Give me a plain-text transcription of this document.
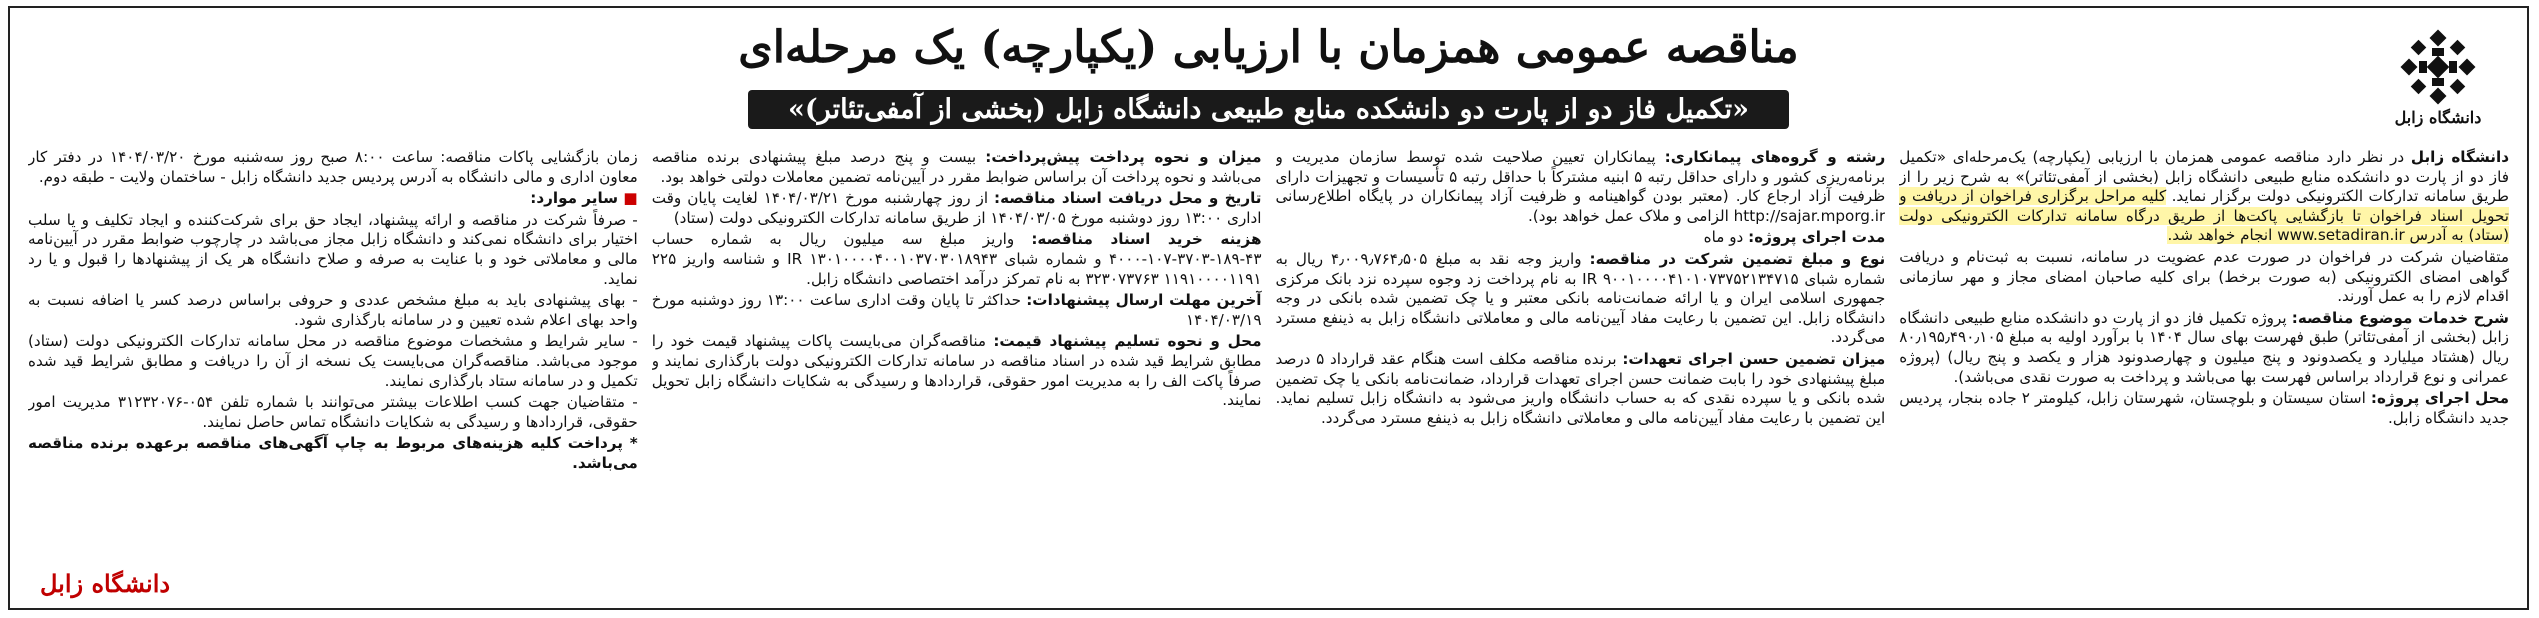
دانشگاه زابل
مناقصه عمومی همزمان با ارزیابی (یکپارچه) یک مرحله‌ای
«تکمیل فاز دو از پارت دو دانشکده منابع طبیعی دانشگاه زابل (بخشی از آمفی‌تئاتر)»

دانشگاه زابل در نظر دارد مناقصه عمومی همزمان با ارزیابی (یکپارچه) یک‌مرحله‌ای «تکمیل فاز دو از پارت دو دانشکده منابع طبیعی دانشگاه زابل (بخشی از آمفی‌تئاتر)» به شرح زیر را از طریق سامانه تدارکات الکترونیکی دولت برگزار نماید. کلیه مراحل برگزاری فراخوان از دریافت و تحویل اسناد فراخوان تا بازگشایی پاکت‌ها از طریق درگاه سامانه تدارکات الکترونیکی دولت (ستاد) به آدرس www.setadiran.ir انجام خواهد شد.

متقاضیان شرکت در فراخوان در صورت عدم عضویت در سامانه، نسبت به ثبت‌نام و دریافت گواهی امضای الکترونیکی (به صورت برخط) برای کلیه صاحبان امضای مجاز و مهر سازمانی اقدام لازم را به عمل آورند.

شرح خدمات موضوع مناقصه: پروژه تکمیل فاز دو از پارت دو دانشکده منابع طبیعی دانشگاه زابل (بخشی از آمفی‌تئاتر) طبق فهرست بهای سال ۱۴۰۴ با برآورد اولیه به مبلغ ۸۰٫۱۹۵٫۴۹۰٫۱۰۵ ریال (هشتاد میلیارد و یکصدونود و پنج میلیون و چهارصدونود هزار و یکصد و پنج ریال) (پروژه عمرانی و نوع قرارداد براساس فهرست بها می‌باشد و پرداخت به صورت نقدی می‌باشد).

محل اجرای پروژه: استان سیستان و بلوچستان، شهرستان زابل، کیلومتر ۲ جاده بنجار، پردیس جدید دانشگاه زابل.

رشته و گروه‌های پیمانکاری: پیمانکاران تعیین صلاحیت شده توسط سازمان مدیریت و برنامه‌ریزی کشور و دارای حداقل رتبه ۵ ابنیه مشترکاً با حداقل رتبه ۵ تأسیسات و تجهیزات دارای ظرفیت آزاد ارجاع کار. (معتبر بودن گواهینامه و ظرفیت آزاد پیمانکاران در پایگاه اطلاع‌رسانی http://sajar.mporg.ir الزامی و ملاک عمل خواهد بود).

مدت اجرای پروژه: دو ماه

نوع و مبلغ تضمین شرکت در مناقصه: واریز وجه نقد به مبلغ ۴٫۰۰۹٫۷۶۴٫۵۰۵ ریال به شماره شبای IR ۹۰۰۱۰۰۰۰۴۱۰۱۰۷۳۷۵۲۱۳۴۷۱۵ به نام پرداخت زد وجوه سپرده نزد بانک مرکزی جمهوری اسلامی ایران و یا ارائه ضمانت‌نامه بانکی معتبر و یا چک تضمین شده بانکی در وجه دانشگاه زابل. این تضمین با رعایت مفاد آیین‌نامه مالی و معاملاتی دانشگاه زابل به ذینفع مسترد می‌گردد.

میزان تضمین حسن اجرای تعهدات: برنده مناقصه مکلف است هنگام عقد قرارداد ۵ درصد مبلغ پیشنهادی خود را بابت ضمانت حسن اجرای تعهدات قرارداد، ضمانت‌نامه بانکی یا چک تضمین شده بانکی و یا سپرده نقدی که به حساب دانشگاه واریز می‌شود به دانشگاه زابل تسلیم نماید. این تضمین با رعایت مفاد آیین‌نامه مالی و معاملاتی دانشگاه زابل به ذینفع مسترد می‌گردد.

میزان و نحوه پرداخت پیش‌پرداخت: بیست و پنج درصد مبلغ پیشنهادی برنده مناقصه می‌باشد و نحوه پرداخت آن براساس ضوابط مقرر در آیین‌نامه تضمین معاملات دولتی خواهد بود.

تاریخ و محل دریافت اسناد مناقصه: از روز چهارشنبه مورخ ۱۴۰۴/۰۳/۲۱ لغایت پایان وقت اداری ۱۳:۰۰ روز دوشنبه مورخ ۱۴۰۴/۰۳/۰۵ از طریق سامانه تدارکات الکترونیکی دولت (ستاد)

هزینه خرید اسناد مناقصه: واریز مبلغ سه میلیون ریال به شماره حساب ۴۳-۱۸۹-۳۷۰۳-۱۰۷-۴۰۰۰ و شماره شبای IR ۱۳۰۱۰۰۰۰۴۰۰۱۰۳۷۰۳۰۱۸۹۴۳ و شناسه واریز ۲۲۵ ۱۱۹۱۰۰۰۰۱۱۹۱ ۳۲۳۰۷۳۷۶۳ به نام تمرکز درآمد اختصاصی دانشگاه زابل.

آخرین مهلت ارسال پیشنهادات: حداکثر تا پایان وقت اداری ساعت ۱۳:۰۰ روز دوشنبه مورخ ۱۴۰۴/۰۳/۱۹

محل و نحوه تسلیم پیشنهاد قیمت: مناقصه‌گران می‌بایست پاکات پیشنهاد قیمت خود را مطابق شرایط قید شده در اسناد مناقصه در سامانه تدارکات الکترونیکی دولت بارگذاری نمایند و صرفاً پاکت الف را به مدیریت امور حقوقی، قراردادها و رسیدگی به شکایات دانشگاه زابل تحویل نمایند.

زمان بازگشایی پاکات مناقصه: ساعت ۸:۰۰ صبح روز سه‌شنبه مورخ ۱۴۰۴/۰۳/۲۰ در دفتر کار معاون اداری و مالی دانشگاه به آدرس پردیس جدید دانشگاه زابل - ساختمان ولایت - طبقه دوم.

■ سایر موارد:

- صرفاً شرکت در مناقصه و ارائه پیشنهاد، ایجاد حق برای شرکت‌کننده و ایجاد تکلیف و یا سلب اختیار برای دانشگاه نمی‌کند و دانشگاه زابل مجاز می‌باشد در چارچوب ضوابط مقرر در آیین‌نامه مالی و معاملاتی خود و با عنایت به صرفه و صلاح دانشگاه هر یک از پیشنهادها را قبول و یا رد نماید.

- بهای پیشنهادی باید به مبلغ مشخص عددی و حروفی براساس درصد کسر یا اضافه نسبت به واحد بهای اعلام شده تعیین و در سامانه بارگذاری شود.

- سایر شرایط و مشخصات موضوع مناقصه در محل سامانه تدارکات الکترونیکی دولت (ستاد) موجود می‌باشد. مناقصه‌گران می‌بایست یک نسخه از آن را دریافت و مطابق شرایط قید شده تکمیل و در سامانه ستاد بارگذاری نمایند.

- متقاضیان جهت کسب اطلاعات بیشتر می‌توانند با شماره تلفن ۰۵۴-۳۱۲۳۲۰۷۶ مدیریت امور حقوقی، قراردادها و رسیدگی به شکایات دانشگاه تماس حاصل نمایند.

* پرداخت کلیه هزینه‌های مربوط به چاپ آگهی‌های مناقصه برعهده برنده مناقصه می‌باشد.

دانشگاه زابل
